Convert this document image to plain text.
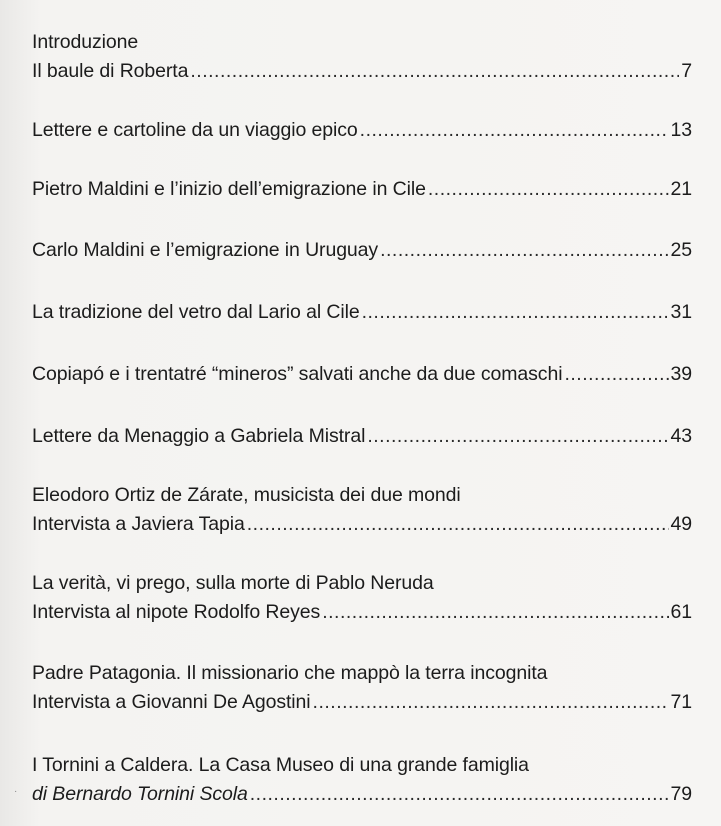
Introduzione
Il baule di Roberta .....	7
Lettere e cartoline da un viaggio epico .....	13
Pietro Maldini e l’inizio dell’emigrazione in Cile .....	21
Carlo Maldini e l’emigrazione in Uruguay .....	25
La tradizione del vetro dal Lario al Cile .....	31
Copiapó e i trentatré “mineros” salvati anche da due comaschi .....	39
Lettere da Menaggio a Gabriela Mistral .....	43
Eleodoro Ortiz de Zárate, musicista dei due mondi
Intervista a Javiera Tapia .....	49
La verità, vi prego, sulla morte di Pablo Neruda
Intervista al nipote Rodolfo Reyes .....	61
Padre Patagonia. Il missionario che mappò la terra incognita
Intervista a Giovanni De Agostini .....	71
I Tornini a Caldera. La Casa Museo di una grande famiglia
di Bernardo Tornini Scola .....	79
·
